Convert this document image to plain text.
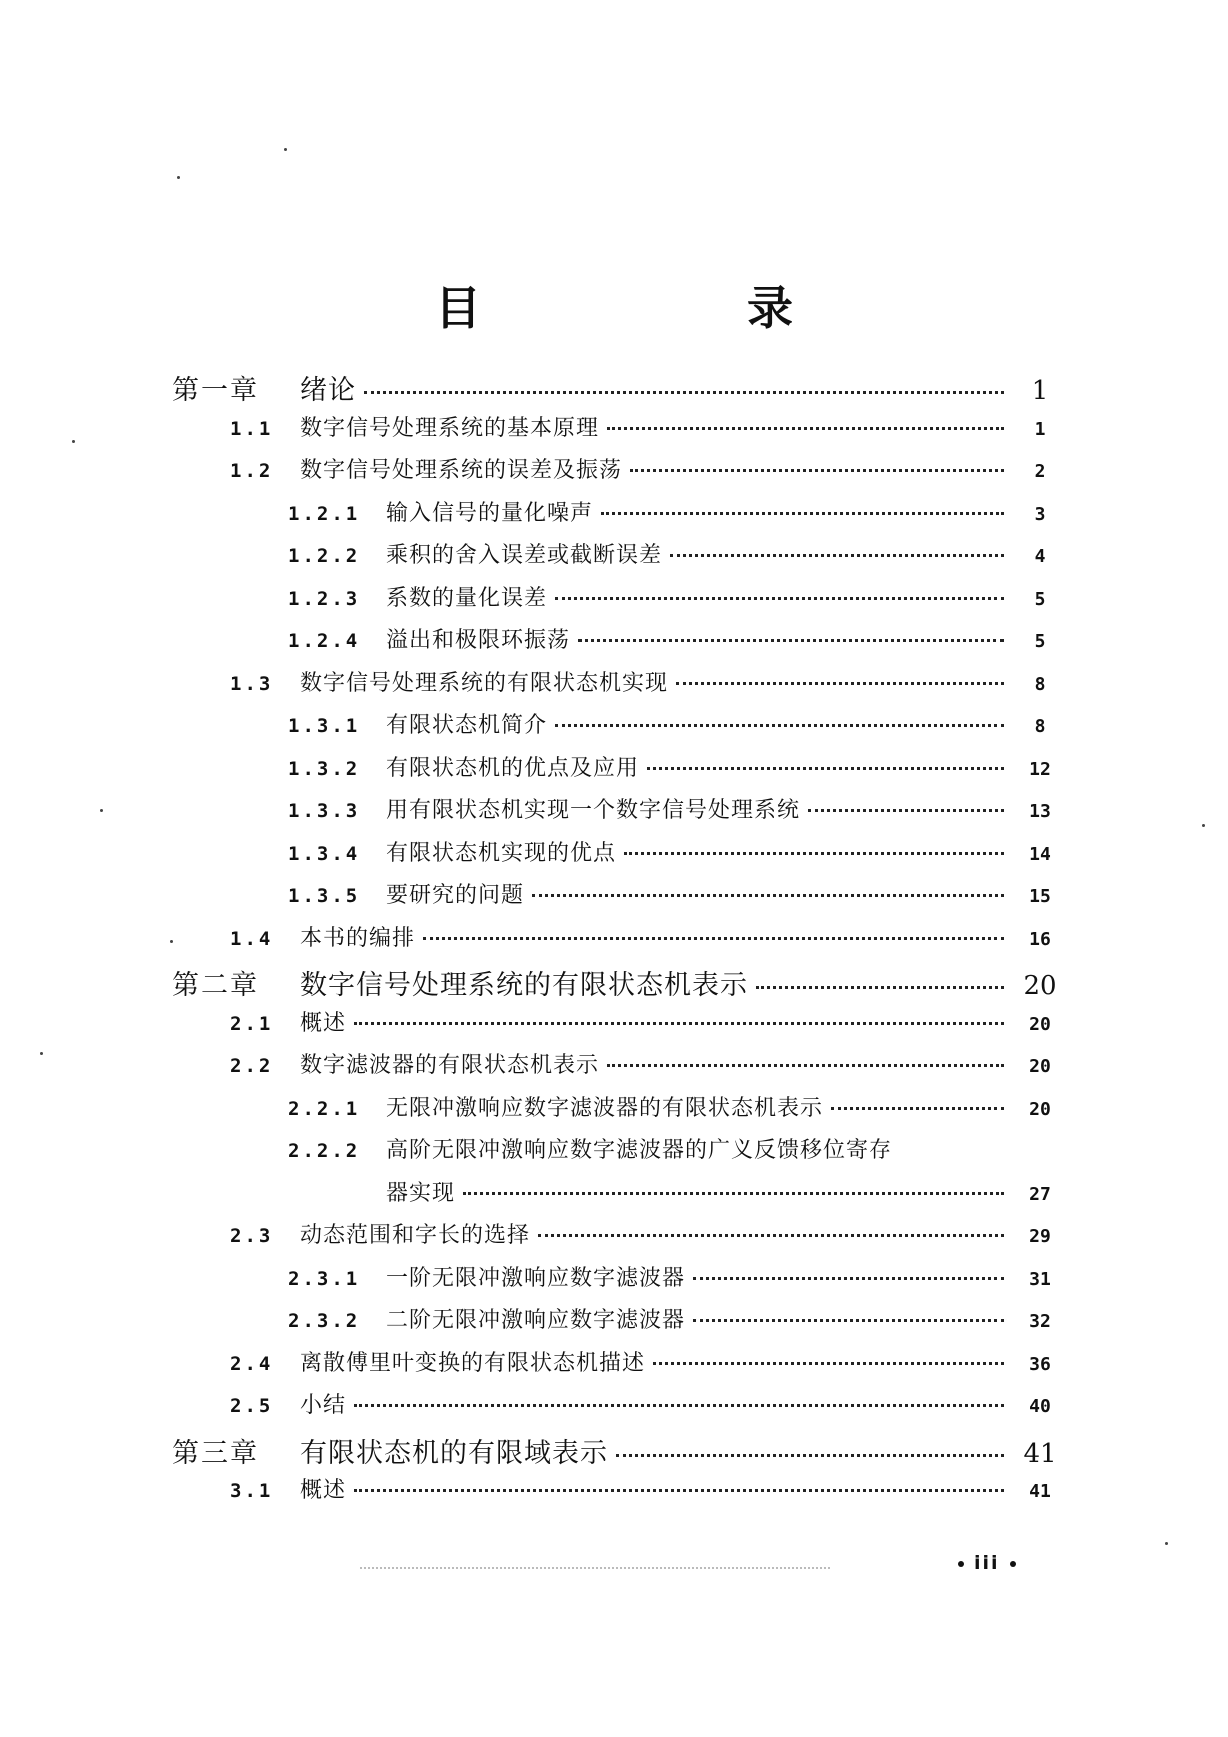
目　录
第一章	绪论	1
1.1	数字信号处理系统的基本原理	1
1.2	数字信号处理系统的误差及振荡	2
1.2.1	输入信号的量化噪声	3
1.2.2	乘积的舍入误差或截断误差	4
1.2.3	系数的量化误差	5
1.2.4	溢出和极限环振荡	5
1.3	数字信号处理系统的有限状态机实现	8
1.3.1	有限状态机简介	8
1.3.2	有限状态机的优点及应用	12
1.3.3	用有限状态机实现一个数字信号处理系统	13
1.3.4	有限状态机实现的优点	14
1.3.5	要研究的问题	15
1.4	本书的编排	16
第二章	数字信号处理系统的有限状态机表示	20
2.1	概述	20
2.2	数字滤波器的有限状态机表示	20
2.2.1	无限冲激响应数字滤波器的有限状态机表示	20
2.2.2	高阶无限冲激响应数字滤波器的广义反馈移位寄存
器实现	27
2.3	动态范围和字长的选择	29
2.3.1	一阶无限冲激响应数字滤波器	31
2.3.2	二阶无限冲激响应数字滤波器	32
2.4	离散傅里叶变换的有限状态机描述	36
2.5	小结	40
第三章	有限状态机的有限域表示	41
3.1	概述	41
iii
